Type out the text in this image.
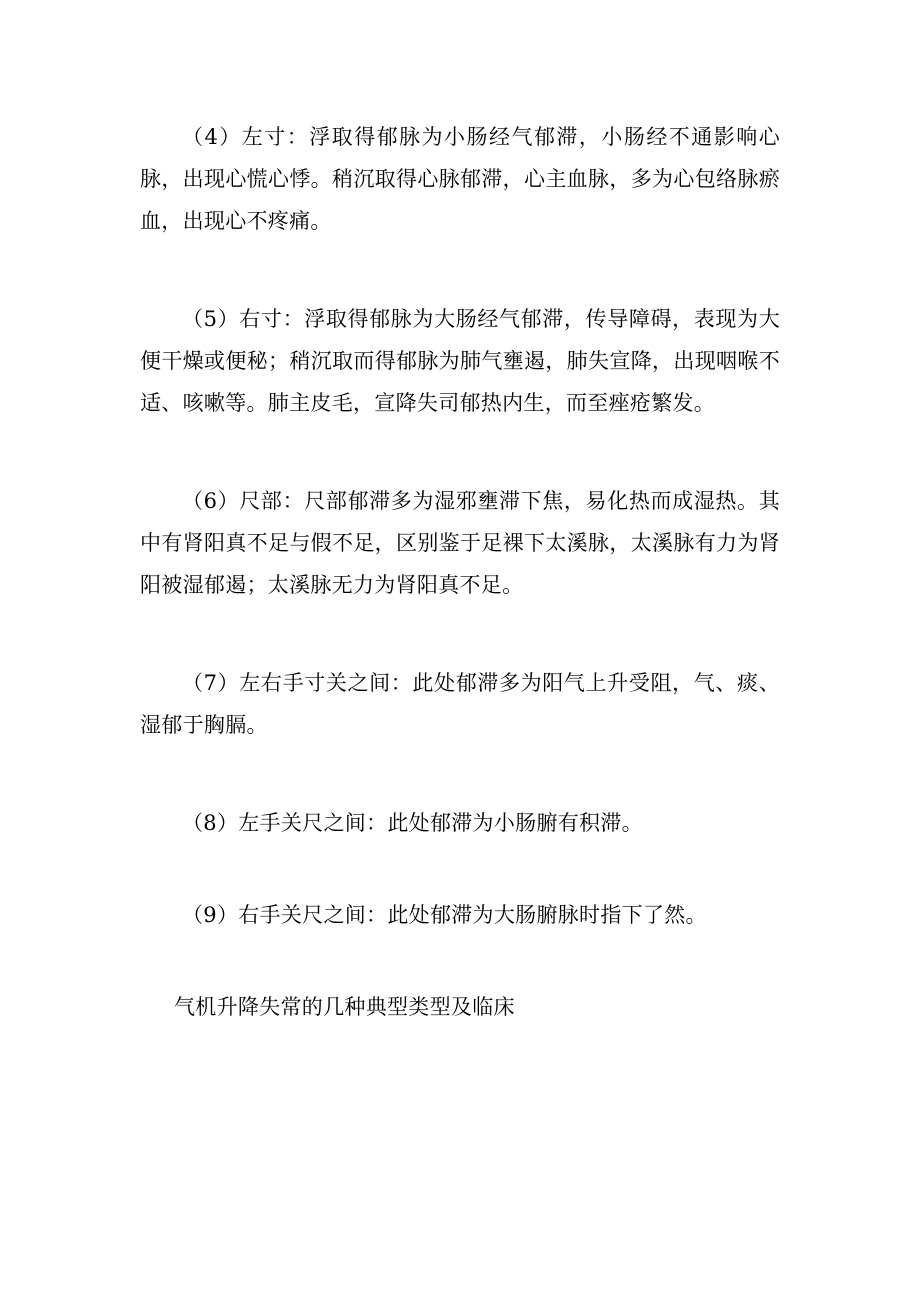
（4）左寸：浮取得郁脉为小肠经气郁滞，小肠经不通影响心脉，出现心慌心悸。稍沉取得心脉郁滞，心主血脉，多为心包络脉瘀血，出现心不疼痛。

（5）右寸：浮取得郁脉为大肠经气郁滞，传导障碍，表现为大便干燥或便秘；稍沉取而得郁脉为肺气壅遏，肺失宣降，出现咽喉不适、咳嗽等。肺主皮毛，宣降失司郁热内生，而至痤疮繁发。

（6）尺部：尺部郁滞多为湿邪壅滞下焦，易化热而成湿热。其中有肾阳真不足与假不足，区别鉴于足裸下太溪脉，太溪脉有力为肾阳被湿郁遏；太溪脉无力为肾阳真不足。

（7）左右手寸关之间：此处郁滞多为阳气上升受阻，气、痰、湿郁于胸膈。

（8）左手关尺之间：此处郁滞为小肠腑有积滞。

（9）右手关尺之间：此处郁滞为大肠腑脉时指下了然。

气机升降失常的几种典型类型及临床
